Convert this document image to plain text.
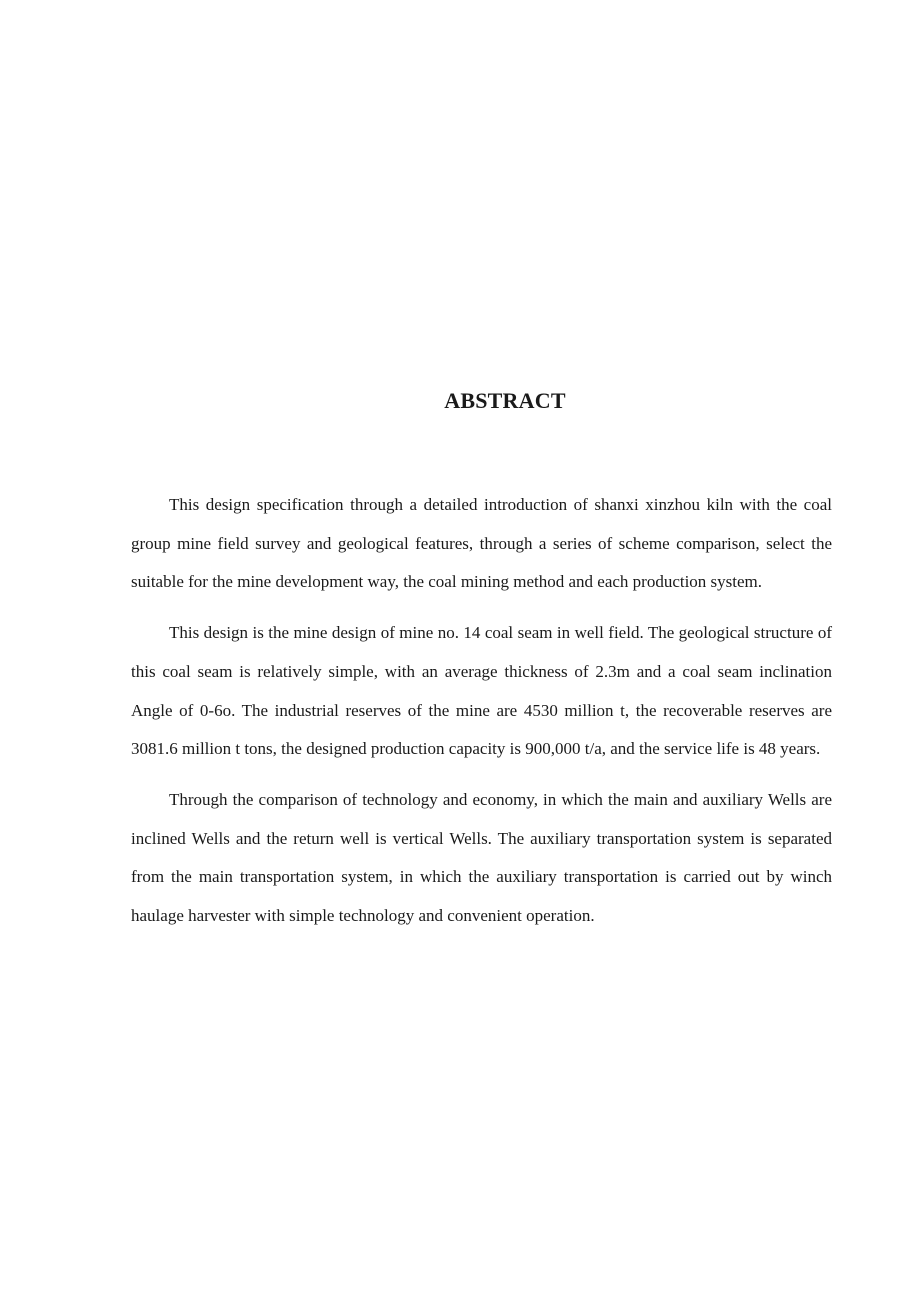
ABSTRACT

This design specification through a detailed introduction of shanxi xinzhou kiln with the coal group mine field survey and geological features, through a series of scheme comparison, select the suitable for the mine development way, the coal mining method and each production system.

This design is the mine design of mine no. 14 coal seam in well field. The geological structure of this coal seam is relatively simple, with an average thickness of 2.3m and a coal seam inclination Angle of 0-6o. The industrial reserves of the mine are 4530 million t, the recoverable reserves are 3081.6 million t tons, the designed production capacity is 900,000 t/a, and the service life is 48 years.

Through the comparison of technology and economy, in which the main and auxiliary Wells are inclined Wells and the return well is vertical Wells. The auxiliary transportation system is separated from the main transportation system, in which the auxiliary transportation is carried out by winch haulage harvester with simple technology and convenient operation.
